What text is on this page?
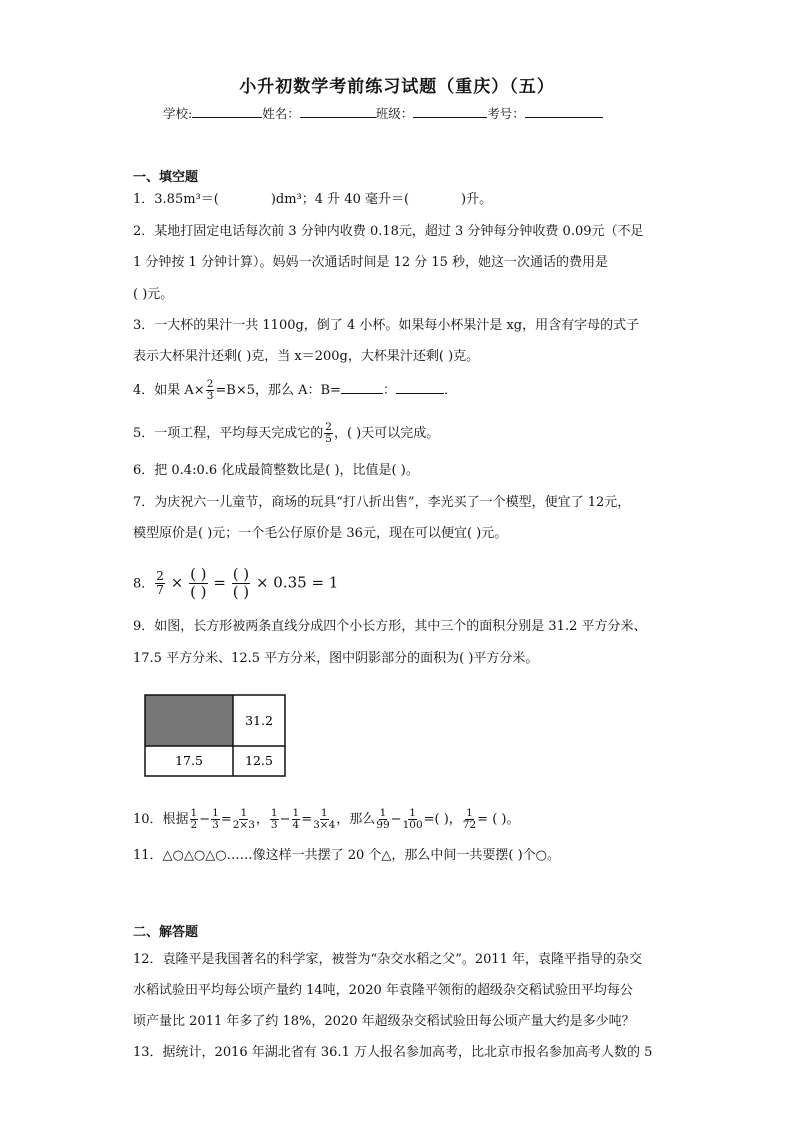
小升初数学考前练习试题（重庆）（五）
学校:	姓名：	班级：	考号：
一、填空题
1．3.85m³＝(	)dm³；4 升 40 毫升＝(	)升。
2．某地打固定电话每次前 3 分钟内收费 0.18元，超过 3 分钟每分钟收费 0.09元（不足
1 分钟按 1 分钟计算）。妈妈一次通话时间是 12 分 15 秒，她这一次通话的费用是
( )元。
3．一大杯的果汁一共 1100g，倒了 4 小杯。如果每小杯果汁是 xg，用含有字母的式子
表示大杯果汁还剩( )克，当 x＝200g，大杯果汁还剩( )克。
4．如果 $A\times \frac{2}{3} =B\times 5$，那么 A：B=	：	．
5．一项工程，平均每天完成它的 $\frac{2}{5}$ ，( )天可以完成。
6．把 0.4:0.6 化成最简整数比是( )，比值是( )。
7．为庆祝六一儿童节，商场的玩具“打八折出售”，李光买了一个模型，便宜了 12元，
模型原价是( )元；一个毛公仔原价是 36元，现在可以便宜( )元。
8． $\frac{2}{7} \times \frac{( )}{( )} = \frac{( )}{( )} \times 0.35 = 1$
9．如图，长方形被两条直线分成四个小长方形，其中三个的面积分别是 31.2 平方分米、
17.5 平方分米、12.5 平方分米，图中阴影部分的面积为( )平方分米。
31.2
17.5	12.5
10．根据 $\frac{1}{2} - \frac{1}{3} = \frac{1}{2\times 3}$ ， $\frac{1}{3} - \frac{1}{4} = \frac{1}{3\times 4}$ ，那么 $\frac{1}{99} - \frac{1}{100}$ =( )， $\frac{1}{72}$ = ( )。
11．△○△○△○……像这样一共摆了 20 个△，那么中间一共要摆( )个○。
二、解答题
12．袁隆平是我国著名的科学家，被誉为“杂交水稻之父”。2011 年，袁隆平指导的杂交
水稻试验田平均每公顷产量约 14吨，2020 年袁隆平领衔的超级杂交稻试验田平均每公
顷产量比 2011 年多了约 18%，2020 年超级杂交稻试验田每公顷产量大约是多少吨？
13．据统计，2016 年湖北省有 36.1 万人报名参加高考，比北京市报名参加高考人数的 5
